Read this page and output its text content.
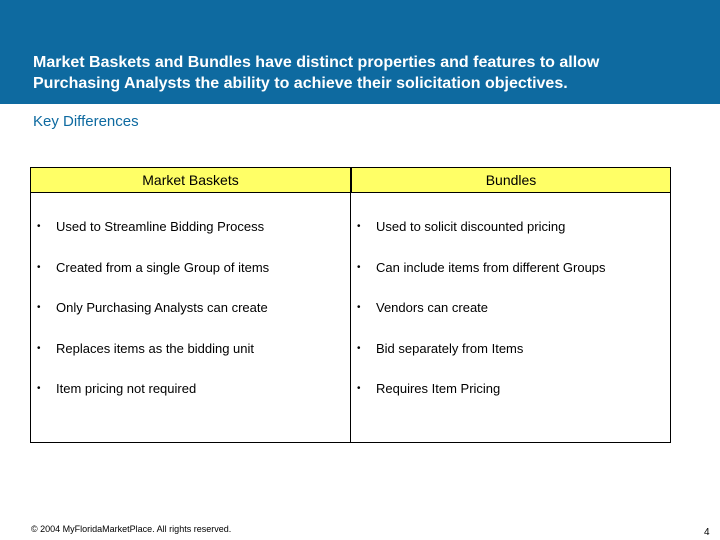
Market Baskets and Bundles have distinct properties and features to allow
Purchasing Analysts the ability to achieve their solicitation objectives.
Key Differences
Market Baskets	Bundles
• Used to Streamline Bidding Process
• Created from a single Group of items
• Only Purchasing Analysts can create
• Replaces items as the bidding unit
• Item pricing not required
• Used to solicit discounted pricing
• Can include items from different Groups
• Vendors can create
• Bid separately from Items
• Requires Item Pricing
© 2004 MyFloridaMarketPlace. All rights reserved.	4
